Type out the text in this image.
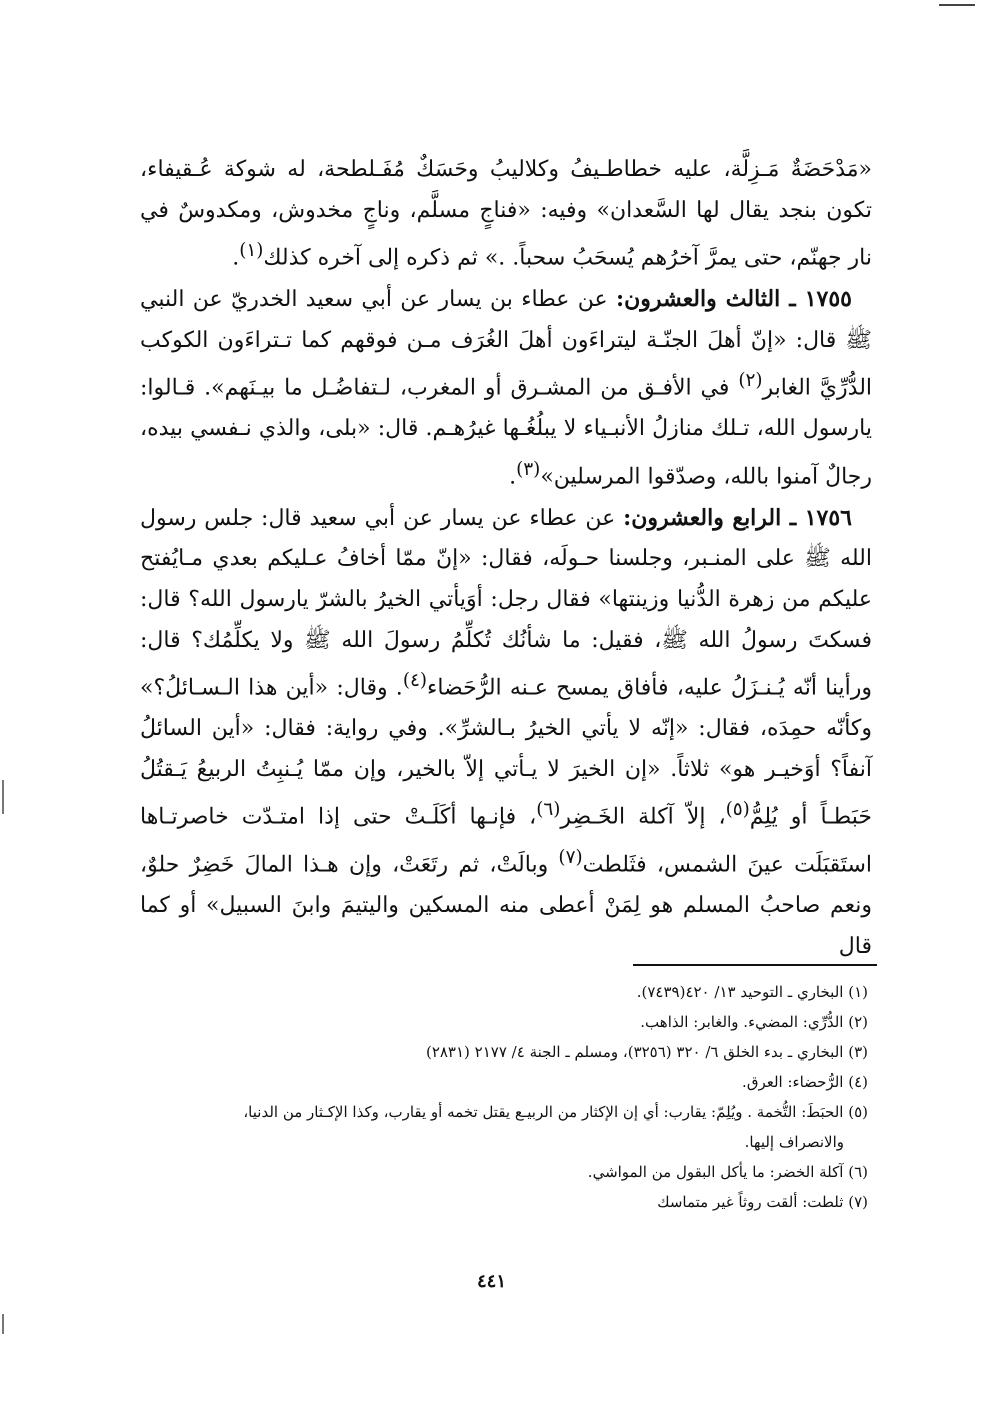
«مَدْحَضَةٌ مَـزِلَّة، عليه خطاطـيفُ وكلاليبُ وحَسَكٌ مُفَـلطحة، له شوكة عُـقيفاء، تكون بنجد يقال لها السَّعدان» وفيه: «فناجٍ مسلَّم، وناجٍ مخدوش، ومكدوسٌ في نار جهنّم، حتى يمرَّ آخرُهم يُسحَبُ سحباً. .» ثم ذكره إلى آخره كذلك$^{(١)}$.

١٧٥٥ ـ الثالث والعشرون: عن عطاء بن يسار عن أبي سعيد الخدريّ عن النبي ﷺ قال: «إنّ أهلَ الجنّـة ليتراءَون أهلَ الغُرَف مـن فوقهم كما تـتراءَون الكوكب الدُّرِّيَّ الغابر$^{(٢)}$ في الأفـق من المشـرق أو المغرب، لـتفاضُـل ما بيـنَهم». قـالوا: يارسول الله، تـلك منازلُ الأنبـياء لا يبلُغُـها غيرُهـم. قال: «بلى، والذي نـفسي بيده، رجالٌ آمنوا بالله، وصدّقوا المرسلين»$^{(٣)}$.

١٧٥٦ ـ الرابع والعشرون: عن عطاء عن يسار عن أبي سعيد قال: جلس رسول الله ﷺ على المنـبر، وجلسنا حـولَه، فقال: «إنّ ممّا أخافُ عـليكم بعدي مـايُفتح عليكم من زهرة الدُّنيا وزينتها» فقال رجل: أوَيأتي الخيرُ بالشرّ يارسول الله؟ قال: فسكتَ رسولُ الله ﷺ، فقيل: ما شأنُك تُكلِّمُ رسولَ الله ﷺ ولا يكلِّمُك؟ قال: ورأينا أنّه يُـنـزَلُ عليه، فأفاق يمسح عـنه الرُّحَضاء$^{(٤)}$. وقال: «أين هذا الـسـائلُ؟» وكأنّه حمِدَه، فقال: «إنّه لا يأتي الخيرُ بـالشرِّ». وفي رواية: فقال: «أين السائلُ آنفاً؟ أوَخيـر هو» ثلاثاً. «إن الخيرَ لا يـأتي إلاّ بالخير، وإن ممّا يُـنبِتُ الربيعُ يَـقتُلُ حَبَطـاً أو يُلِمُّ$^{(٥)}$، إلاّ آكلة الخَـضِر$^{(٦)}$، فإنـها أكَلَـتْ حتى إذا امتـدّت خاصرتـاها استَقبَلَت عينَ الشمس، فثَلطت$^{(٧)}$ وبالَتْ، ثم رتَعَتْ، وإن هـذا المالَ خَضِرٌ حلوٌ، ونعم صاحبُ المسلم هو لِمَنْ أعطى منه المسكين واليتيمَ وابنَ السبيل» أو كما قال

(١) البخاري ـ التوحيد ١٣/ ٤٢٠(٧٤٣٩).

(٢) الدُّرِّي: المضيء. والغابر: الذاهب.

(٣) البخاري ـ بدء الخلق ٦/ ٣٢٠ (٣٢٥٦)، ومسلم ـ الجنة ٤/ ٢١٧٧ (٢٨٣١)

(٤) الرُّحضاء: العرق.

(٥) الحبَطَ: التُّخمة . ويُلِمّ: يقارب: أي إن الإكثار من الربيـع يقتل تخمه أو يقارب، وكذا الإكـثار من الدنيا،

والانصراف إليها.

(٦) آكلة الخضر: ما يأكل البقول من المواشي.

(٧) ثلطت: ألقت روثاً غير متماسك

٤٤١
